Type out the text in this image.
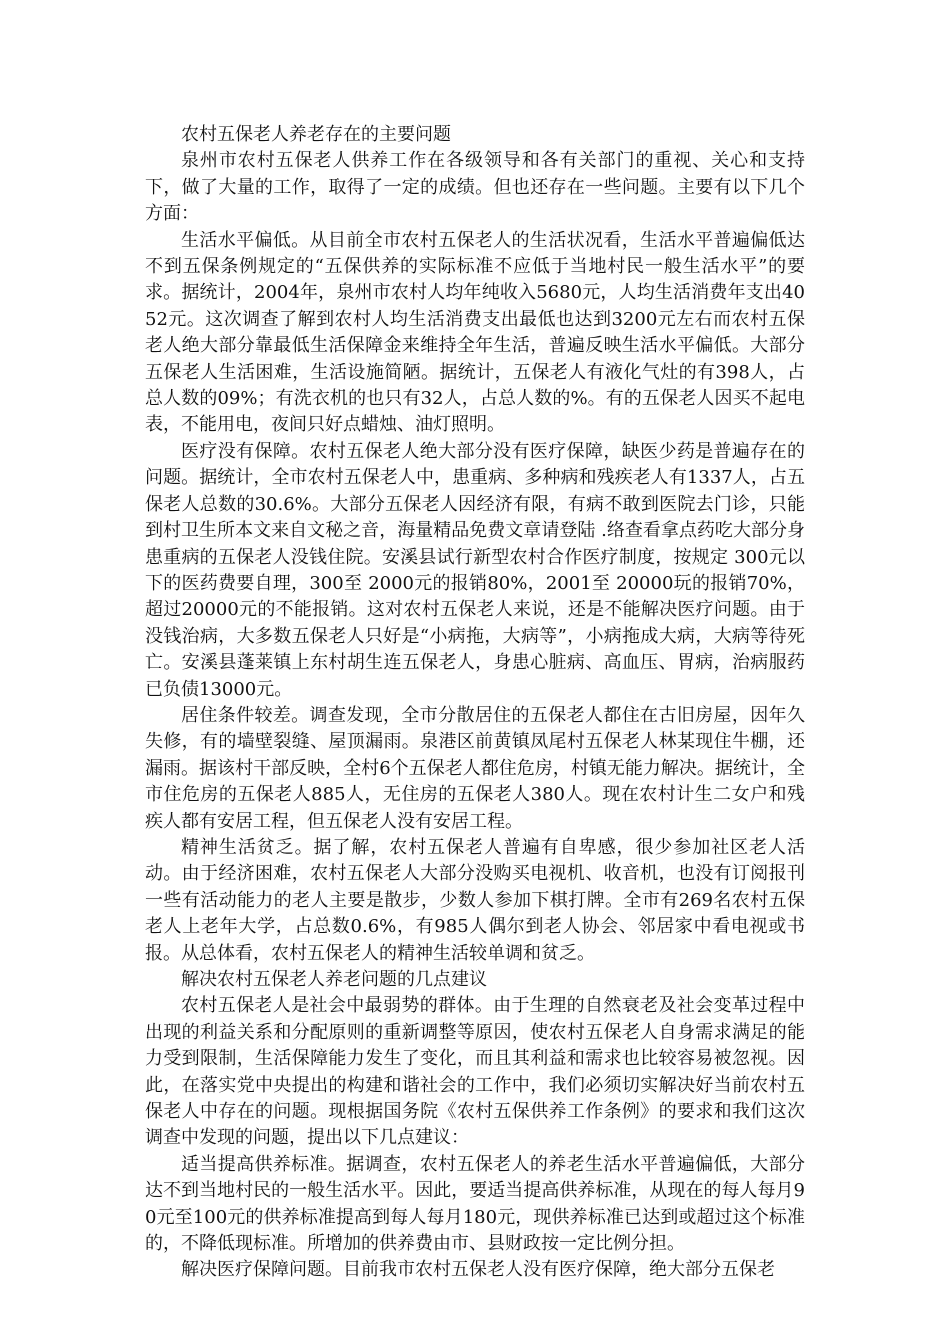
农村五保老人养老存在的主要问题

泉州市农村五保老人供养工作在各级领导和各有关部门的重视、关心和支持下，做了大量的工作，取得了一定的成绩。但也还存在一些问题。主要有以下几个方面：

生活水平偏低。从目前全市农村五保老人的生活状况看，生活水平普遍偏低达不到五保条例规定的“五保供养的实际标准不应低于当地村民一般生活水平”的要求。据统计，2004年，泉州市农村人均年纯收入5680元，人均生活消费年支出4052元。这次调查了解到农村人均生活消费支出最低也达到3200元左右而农村五保老人绝大部分靠最低生活保障金来维持全年生活，普遍反映生活水平偏低。大部分五保老人生活困难，生活设施简陋。据统计，五保老人有液化气灶的有398人，占总人数的09%；有洗衣机的也只有32人，占总人数的%。有的五保老人因买不起电表，不能用电，夜间只好点蜡烛、油灯照明。

医疗没有保障。农村五保老人绝大部分没有医疗保障，缺医少药是普遍存在的问题。据统计，全市农村五保老人中，患重病、多种病和残疾老人有1337人，占五保老人总数的30.6%。大部分五保老人因经济有限，有病不敢到医院去门诊，只能到村卫生所本文来自文秘之音，海量精品免费文章请登陆 .络查看拿点药吃大部分身患重病的五保老人没钱住院。安溪县试行新型农村合作医疗制度，按规定 300元以下的医药费要自理，300至 2000元的报销80%，2001至 20000玩的报销70%，超过20000元的不能报销。这对农村五保老人来说，还是不能解决医疗问题。由于没钱治病，大多数五保老人只好是“小病拖，大病等”，小病拖成大病，大病等待死亡。安溪县蓬莱镇上东村胡生连五保老人，身患心脏病、高血压、胃病，治病服药已负债13000元。

居住条件较差。调查发现，全市分散居住的五保老人都住在古旧房屋，因年久失修，有的墙壁裂缝、屋顶漏雨。泉港区前黄镇凤尾村五保老人林某现住牛棚，还漏雨。据该村干部反映，全村6个五保老人都住危房，村镇无能力解决。据统计，全市住危房的五保老人885人，无住房的五保老人380人。现在农村计生二女户和残疾人都有安居工程，但五保老人没有安居工程。

精神生活贫乏。据了解，农村五保老人普遍有自卑感，很少参加社区老人活动。由于经济困难，农村五保老人大部分没购买电视机、收音机，也没有订阅报刊一些有活动能力的老人主要是散步，少数人参加下棋打牌。全市有269名农村五保老人上老年大学，占总数0.6%，有985人偶尔到老人协会、邻居家中看电视或书报。从总体看，农村五保老人的精神生活较单调和贫乏。

解决农村五保老人养老问题的几点建议

农村五保老人是社会中最弱势的群体。由于生理的自然衰老及社会变革过程中出现的利益关系和分配原则的重新调整等原因，使农村五保老人自身需求满足的能力受到限制，生活保障能力发生了变化，而且其利益和需求也比较容易被忽视。因此，在落实党中央提出的构建和谐社会的工作中，我们必须切实解决好当前农村五保老人中存在的问题。现根据国务院《农村五保供养工作条例》的要求和我们这次调查中发现的问题，提出以下几点建议：

适当提高供养标准。据调查，农村五保老人的养老生活水平普遍偏低，大部分达不到当地村民的一般生活水平。因此，要适当提高供养标准，从现在的每人每月90元至100元的供养标准提高到每人每月180元，现供养标准已达到或超过这个标准的，不降低现标准。所增加的供养费由市、县财政按一定比例分担。

解决医疗保障问题。目前我市农村五保老人没有医疗保障，绝大部分五保老
